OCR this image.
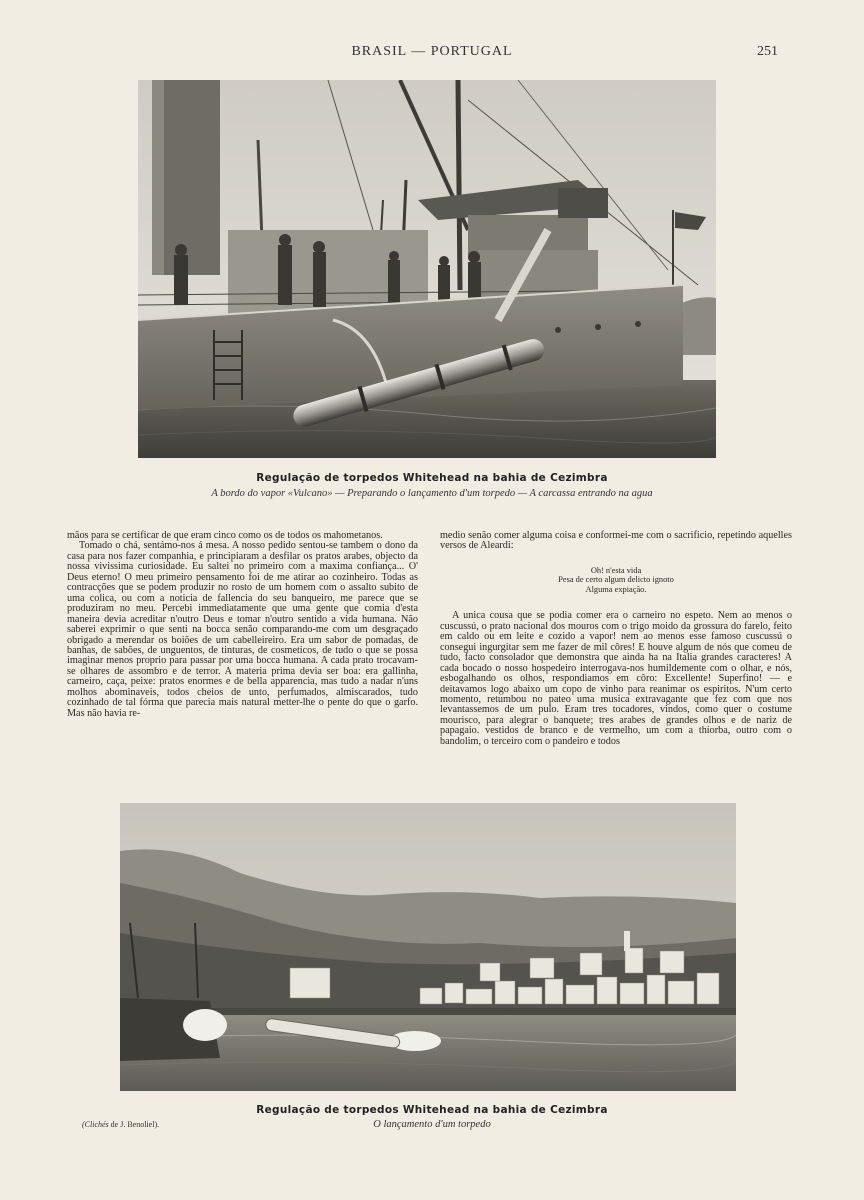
BRASIL — PORTUGAL	251
Regulação de torpedos Whitehead na bahia de Cezimbra
A bordo do vapor «Vulcano» — Preparando o lançamento d'um torpedo — A carcassa entrando na agua

mãos para se certificar de que eram cinco como os de todos os mahometanos.

Tomado o chá, sentámo-nos á mesa. A nosso pedido sentou-se tambem o dono da casa para nos fazer companhia, e principiaram a desfilar os pratos arabes, objecto da nossa vivissima curiosidade. Eu saltei no primeiro com a maxima confiança... O' Deus eterno! O meu primeiro pensamento foi de me atirar ao cozinheiro. Todas as contracções que se podem produzir no rosto de um homem com o assalto subito de uma colica, ou com a noticia de fallencia do seu banqueiro, me parece que se produziram no meu. Percebi immediatamente que uma gente que comia d'esta maneira devia acreditar n'outro Deus e tomar n'outro sentido a vida humana. Não saberei exprimir o que senti na bocca senão comparando-me com um desgraçado obrigado a merendar os boiões de um cabelleireiro. Era um sabor de pomadas, de banhas, de sabões, de unguentos, de tinturas, de cosmeticos, de tudo o que se possa imaginar menos proprio para passar por uma bocca humana. A cada prato trocavam-se olhares de assombro e de terror. A materia prima devia ser boa: era gallinha, carneiro, caça, peixe: pratos enormes e de bella apparencia, mas tudo a nadar n'uns molhos abominaveis, todos cheios de unto, perfumados, almiscarados, tudo cozinhado de tal fórma que parecia mais natural metter-lhe o pente do que o garfo. Mas não havia re-

medio senão comer alguma coisa e conformei-me com o sacrificio, repetindo aquelles versos de Aleardi:

Oh! n'esta vida
Pesa de certo algum delicto ignoto
Alguma expiação.

A unica cousa que se podia comer era o carneiro no espeto. Nem ao menos o cuscussú, o prato nacional dos mouros com o trigo moido da grossura do farelo, feito em caldo ou em leite e cozido a vapor! nem ao menos esse famoso cuscussú o consegui ingurgitar sem me fazer de mil côres! E houve algum de nós que comeu de tudo, facto consolador que demonstra que ainda ha na Italia grandes caracteres! A cada bocado o nosso hospedeiro interrogava-nos humildemente com o olhar, e nós, esbogalhando os olhos, respondiamos em côro: Excellente! Superfino! — e deitavamos logo abaixo um copo de vinho para reanimar os espiritos. N'um certo momento, retumbou no pateo uma musica extravagante que fez com que nos levantassemos de um pulo. Eram tres tocadores, vindos, como quer o costume mourisco, para alegrar o banquete; tres arabes de grandes olhos e de nariz de papagaio. vestidos de branco e de vermelho, um com a thiorba, outro com o bandolim, o terceiro com o pandeiro e todos

Regulação de torpedos Whitehead na bahia de Cezimbra
O lançamento d'um torpedo
(Clichés de J. Benoliel).
